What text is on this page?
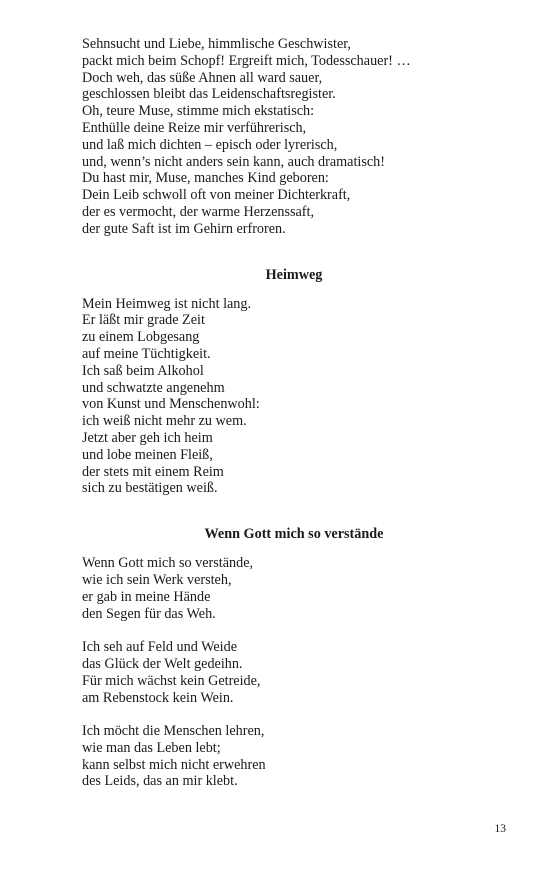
Sehnsucht und Liebe, himmlische Geschwister,
packt mich beim Schopf! Ergreift mich, Todesschauer! …
Doch weh, das süße Ahnen all ward sauer,
geschlossen bleibt das Leidenschaftsregister.
Oh, teure Muse, stimme mich ekstatisch:
Enthülle deine Reize mir verführerisch,
und laß mich dichten – episch oder lyrerisch,
und, wenn’s nicht anders sein kann, auch dramatisch!
Du hast mir, Muse, manches Kind geboren:
Dein Leib schwoll oft von meiner Dichterkraft,
der es vermocht, der warme Herzenssaft,
der gute Saft ist im Gehirn erfroren.
Heimweg
Mein Heimweg ist nicht lang.
Er läßt mir grade Zeit
zu einem Lobgesang
auf meine Tüchtigkeit.
Ich saß beim Alkohol
und schwatzte angenehm
von Kunst und Menschenwohl:
ich weiß nicht mehr zu wem.
Jetzt aber geh ich heim
und lobe meinen Fleiß,
der stets mit einem Reim
sich zu bestätigen weiß.
Wenn Gott mich so verstände
Wenn Gott mich so verstände,
wie ich sein Werk versteh,
er gab in meine Hände
den Segen für das Weh.
Ich seh auf Feld und Weide
das Glück der Welt gedeihn.
Für mich wächst kein Getreide,
am Rebenstock kein Wein.
Ich möcht die Menschen lehren,
wie man das Leben lebt;
kann selbst mich nicht erwehren
des Leids, das an mir klebt.
13
